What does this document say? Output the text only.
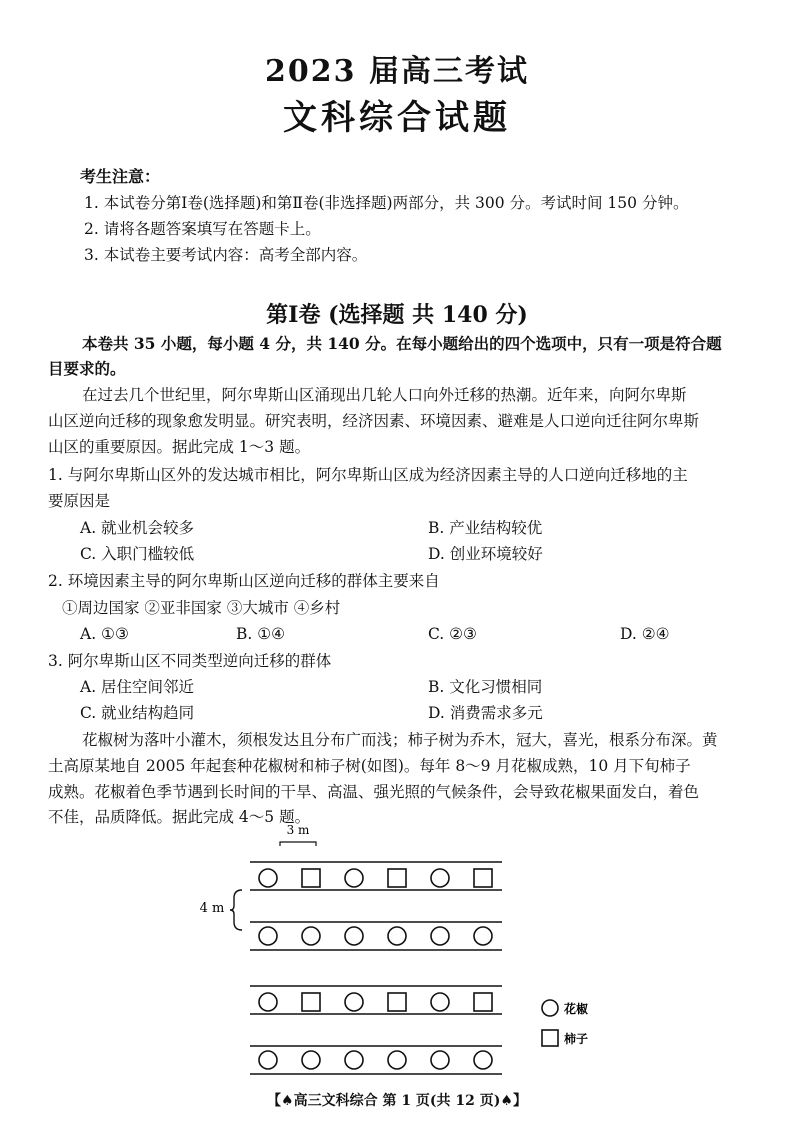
2023 届高三考试
文科综合试题
考生注意：
1. 本试卷分第Ⅰ卷(选择题)和第Ⅱ卷(非选择题)两部分，共 300 分。考试时间 150 分钟。
2. 请将各题答案填写在答题卡上。
3. 本试卷主要考试内容：高考全部内容。
第Ⅰ卷 (选择题 共 140 分)
本卷共 35 小题，每小题 4 分，共 140 分。在每小题给出的四个选项中，只有一项是符合题
目要求的。
在过去几个世纪里，阿尔卑斯山区涌现出几轮人口向外迁移的热潮。近年来，向阿尔卑斯
山区逆向迁移的现象愈发明显。研究表明，经济因素、环境因素、避难是人口逆向迁往阿尔卑斯
山区的重要原因。据此完成 1～3 题。
1. 与阿尔卑斯山区外的发达城市相比，阿尔卑斯山区成为经济因素主导的人口逆向迁移地的主
要原因是
A. 就业机会较多	B. 产业结构较优
C. 入职门槛较低	D. 创业环境较好
2. 环境因素主导的阿尔卑斯山区逆向迁移的群体主要来自
①周边国家 ②亚非国家 ③大城市 ④乡村
A. ①③	B. ①④	C. ②③	D. ②④
3. 阿尔卑斯山区不同类型逆向迁移的群体
A. 居住空间邻近	B. 文化习惯相同
C. 就业结构趋同	D. 消费需求多元
花椒树为落叶小灌木，须根发达且分布广而浅；柿子树为乔木，冠大，喜光，根系分布深。黄
土高原某地自 2005 年起套种花椒树和柿子树(如图)。每年 8～9 月花椒成熟，10 月下旬柿子
成熟。花椒着色季节遇到长时间的干旱、高温、强光照的气候条件，会导致花椒果面发白，着色
不佳，品质降低。据此完成 4～5 题。
3 m
4 m
花椒
柿子
【♠高三文科综合 第 1 页(共 12 页)♠】
